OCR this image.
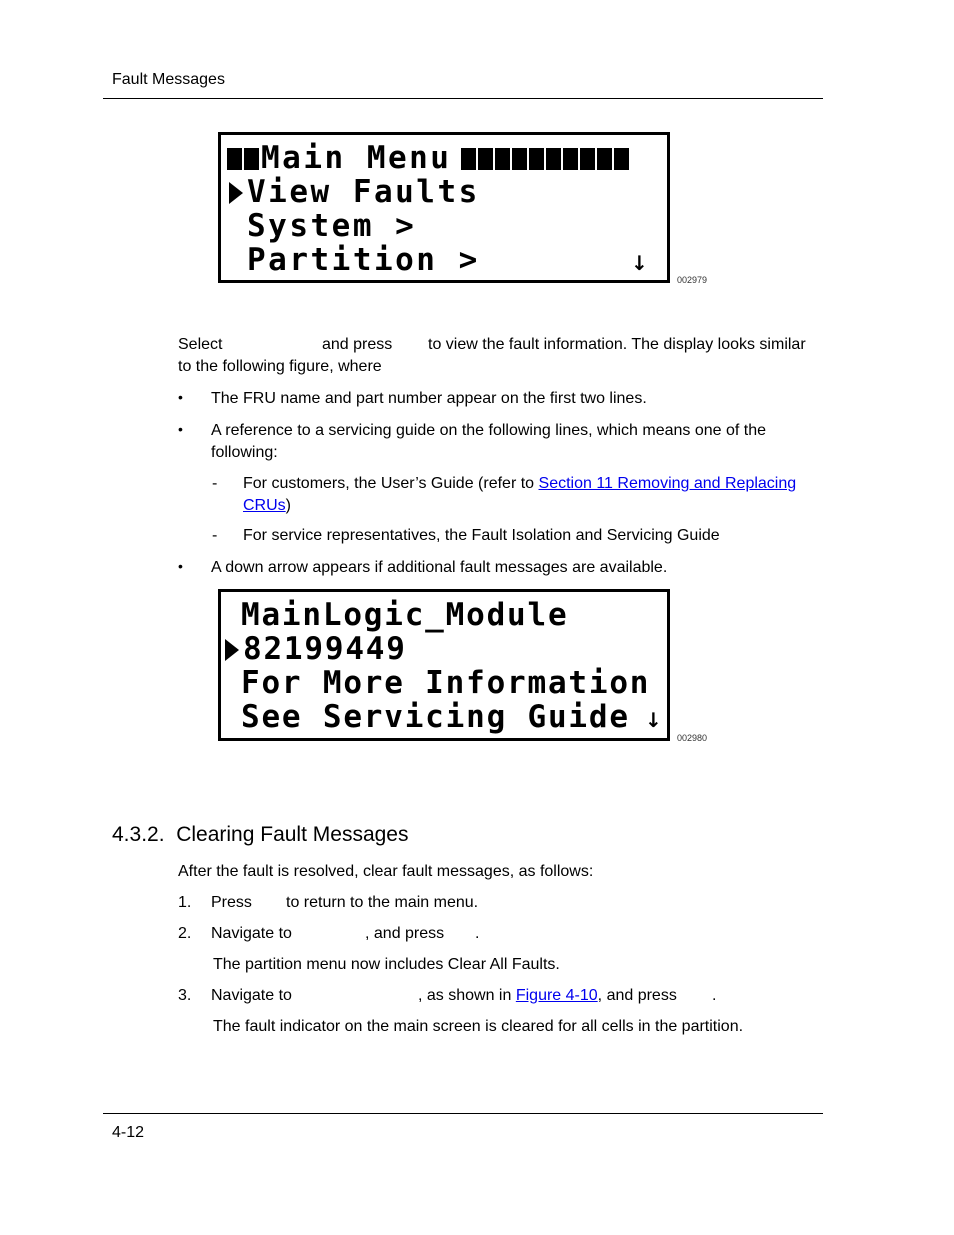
Fault Messages
Main Menu
View Faults
System >
Partition >	↓
002979
Select	and press to view the fault information. The display looks similar
to the following figure, where
• The FRU name and part number appear on the first two lines.
• A reference to a servicing guide on the following lines, which means one of the
following:
- For customers, the User’s Guide (refer to Section 11 Removing and Replacing
CRUs)
- For service representatives, the Fault Isolation and Servicing Guide
• A down arrow appears if additional fault messages are available.
MainLogic_Module
82199449
For More Information
See Servicing Guide ↓
002980
4.3.2.  Clearing Fault Messages
After the fault is resolved, clear fault messages, as follows:
1. Press to return to the main menu.
2. Navigate to	, and press .
The partition menu now includes Clear All Faults.
3. Navigate to	, as shown in Figure 4-10, and press .
The fault indicator on the main screen is cleared for all cells in the partition.
4-12
